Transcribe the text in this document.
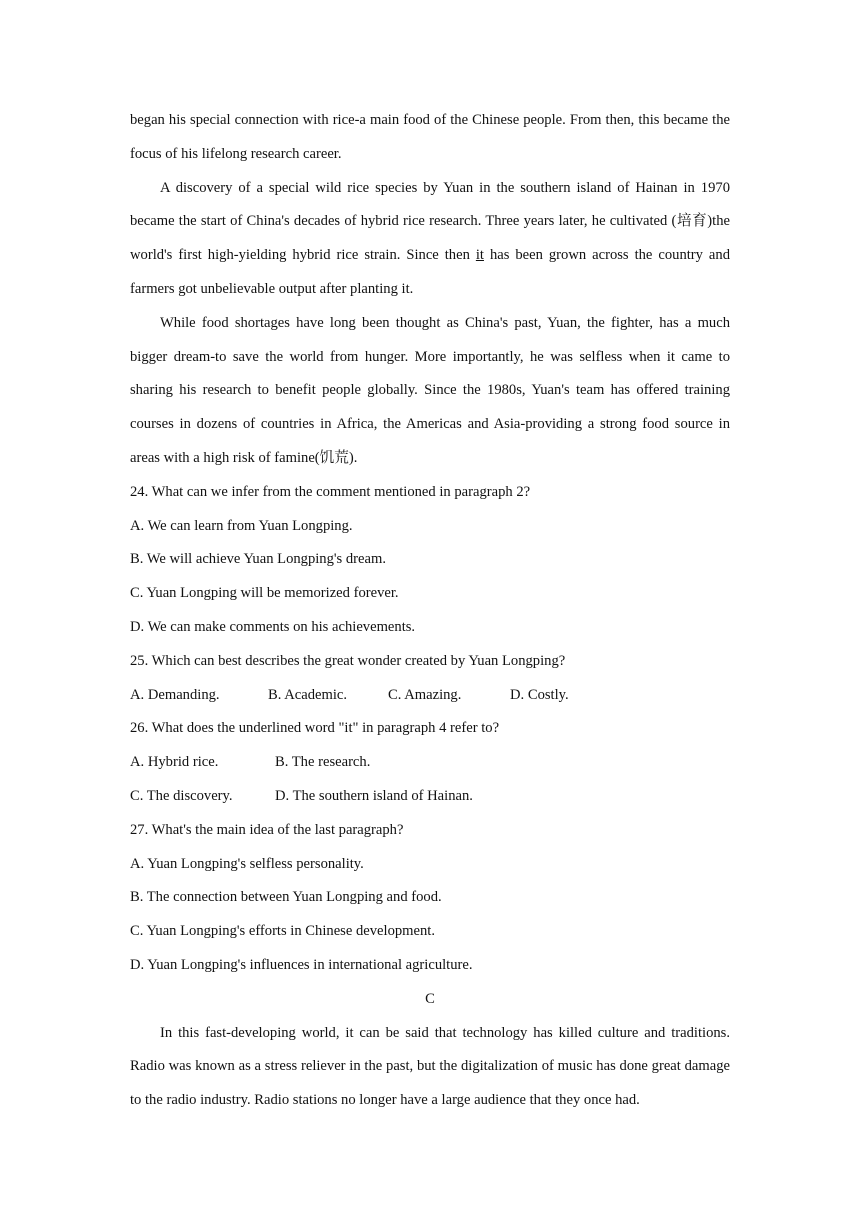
began his special connection with rice-a main food of the Chinese people. From then, this became the focus of his lifelong research career.

A discovery of a special wild rice species by Yuan in the southern island of Hainan in 1970 became the start of China's decades of hybrid rice research. Three years later, he cultivated (培育)the world's first high-yielding hybrid rice strain. Since then it has been grown across the country and farmers got unbelievable output after planting it.

While food shortages have long been thought as China's past, Yuan, the fighter, has a much bigger dream-to save the world from hunger. More importantly, he was selfless when it came to sharing his research to benefit people globally. Since the 1980s, Yuan's team has offered training courses in dozens of countries in Africa, the Americas and Asia-providing a strong food source in areas with a high risk of famine(饥荒).

24. What can we infer from the comment mentioned in paragraph 2?

A. We can learn from Yuan Longping.

B. We will achieve Yuan Longping's dream.

C. Yuan Longping will be memorized forever.

D. We can make comments on his achievements.

25. Which can best describes the great wonder created by Yuan Longping?

A. Demanding.	B. Academic.	C. Amazing.	D. Costly.

26. What does the underlined word "it" in paragraph 4 refer to?

A. Hybrid rice.	B. The research.

C. The discovery.	D. The southern island of Hainan.

27. What's the main idea of the last paragraph?

A. Yuan Longping's selfless personality.

B. The connection between Yuan Longping and food.

C. Yuan Longping's efforts in Chinese development.

D. Yuan Longping's influences in international agriculture.

C

In this fast-developing world, it can be said that technology has killed culture and traditions. Radio was known as a stress reliever in the past, but the digitalization of music has done great damage to the radio industry. Radio stations no longer have a large audience that they once had.
